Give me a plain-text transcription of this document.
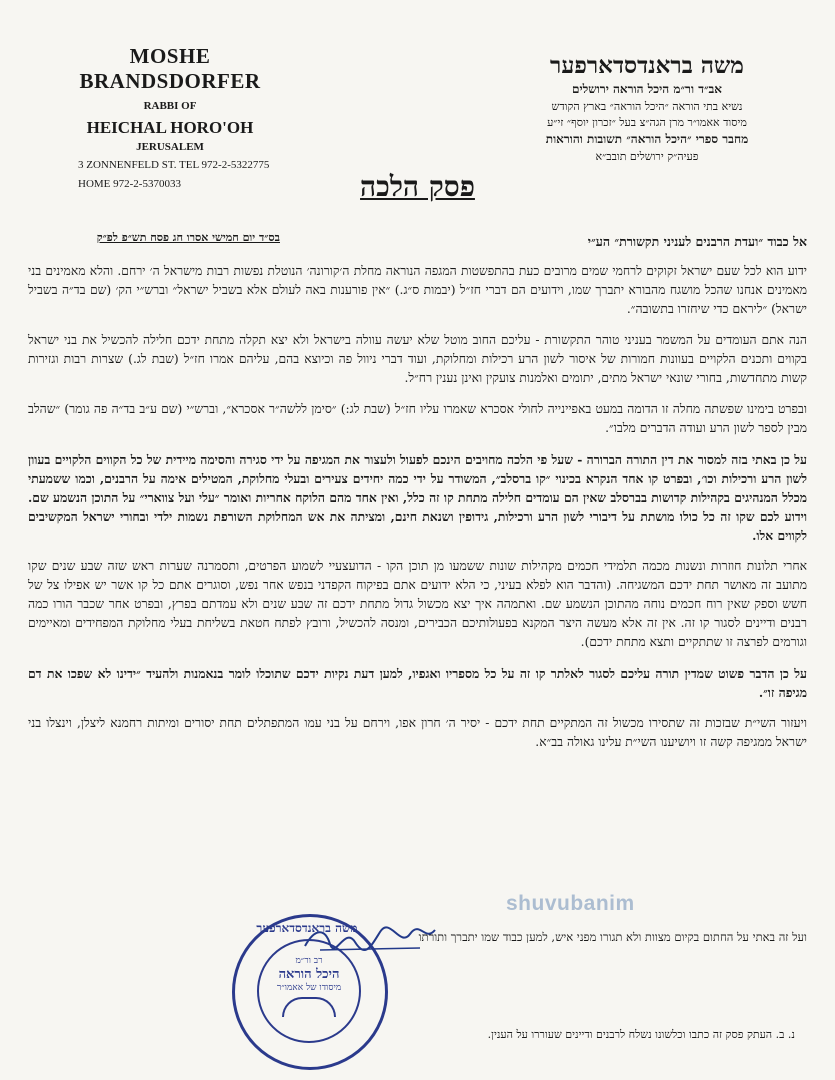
MOSHE BRANDSDORFER
RABBI OF
HEICHAL HORO'OH
JERUSALEM
3 ZONNENFELD ST. TEL 972-2-5322775
HOME 972-2-5370033
משה בראנדסדארפער
אב״ד ור״מ היכל הוראה ירושלים
נשיא בתי הוראה ״היכל הוראה״ בארץ הקודש
מיסוד אאמו״ר מרן הגה״צ בעל ״זכרון יוסף״ זי״ע
מחבר ספרי ״היכל הוראה״ תשובות והוראות
פעיה״ק ירושלים תובב״א
פסק הלכה
בס״ד יום חמישי אסרו חג פסח תש״פ לפ״ק	אל כבוד ״ועדת הרבנים לעניני תקשורת״ הע״י

ידוע הוא לכל שעם ישראל זקוקים לרחמי שמים מרובים כעת בהתפשטות המגפה הנוראה מחלת ה׳קורונה׳ הנוטלת נפשות רבות מישראל ה׳ ירחם. והלא מאמינים בני מאמינים אנחנו שהכל מושגח מהבורא יתברך שמו, וידועים הם דברי חז״ל (יבמות ס״ג.) ״אין פורענות באה לעולם אלא בשביל ישראל״ וברש״י הק׳ (שם בד״ה בשביל ישראל) ״ליראם כדי שיחזרו בתשובה״.

הנה אתם העומדים על המשמר בעניני טוהר התקשורת - עליכם החוב מוטל שלא יעשה עוולה בישראל ולא יצא תקלה מתחת ידכם חלילה להכשיל את בני ישראל בקווים ותכנים הלקויים בעוונות חמורות של איסור לשון הרע רכילות ומחלוקת, ועוד דברי ניוול פה וכיוצא בהם, עליהם אמרו חז״ל (שבת לג.) שצרות רבות וגזירות קשות מתחדשות, בחורי שונאי ישראל מתים, יתומים ואלמנות צועקין ואינן נענין רח״ל.

ובפרט בימינו שפשתה מחלה זו הדומה במעט באפיינייה לחולי אסכרא שאמרו עליו חז״ל (שבת לג:) ״סימן ללשה״ר אסכרא״, וברש״י (שם ע״ב בד״ה פה גומר) ״שהלב מבין לספר לשון הרע ועודה הדברים מלבו״.

על כן באתי בזה למסור את דין התורה הברורה - שעל פי הלכה מחויבים הינכם לפעול ולעצור את המגיפה על ידי סגירה והסימה מיידית של כל הקווים הלקויים בעוון לשון הרע ורכילות וכו׳, ובפרט קו אחד הנקרא בכינוי ״קו ברסלב״, המשודר על ידי כמה יחידים צעירים ובעלי מחלוקת, המטילים אימה על הרבנים, וכמו ששמעתי מכלל המנהיגים בקהילות קדושות בברסלב שאין הם עומדים חלילה מתחת קו זה כלל, ואין אחד מהם הלוקח אחריות ואומר ״עלי ועל צווארי״ על התוכן הנשמע שם. וידוע לכם שקו זה כל כולו מושתת על דיבורי לשון הרע ורכילות, גידופין ושנאת חינם, ומציתה את אש המחלוקת השורפת נשמות ילדי ובחורי ישראל המקשיבים לקווים אלו.

אחרי תלונות חוזרות ונשנות מכמה תלמידי חכמים מקהילות שונות ששמעו מן תוכן הקו - הדועצעיי לשמוע הפרטים, ותסמרנה שערות ראש שזה שבע שנים שקו מתועב זה מאושר תחת ידכם המשגיחה. (והדבר הוא לפלא בעיני, כי הלא ידועים אתם בפיקוח הקפדני בנפש אחר נפש, וסוגרים אתם כל קו אשר יש אפילו צל של חשש וספק שאין רוח חכמים נוחה מהתוכן הנשמע שם. ואתמהה איך יצא מכשול גדול מתחת ידכם זה שבע שנים ולא עמדתם בפרץ, ובפרט אחר שכבר הורו כמה רבנים ודיינים לסגור קו זה. אין זה אלא מעשה היצר המקנא בפעולותיכם הכבירים, ומנסה להכשיל, ורובץ לפתח חטאת בשליחת בעלי מחלוקת המפחידים ומאיימים וגורמים לפרצה זו שתתקיים ותצא מתחת ידכם).

על כן הדבר פשוט שמדין תורה עליכם לסגור לאלתר קו זה על כל מספריו ואגפיו, למען דעת נקיות ידכם שתוכלו לומר בנאמנות ולהעיד ״ידינו לא שפכו את דם מגיפה זו״.

ויעזור השי״ת שבזכות זה שתסירו מכשול זה המתקיים תחת ידכם - יסיר ה׳ חרון אפו, וירחם על בני עמו המתפתלים תחת יסורים ומיתות רחמנא ליצלן, וינצלו בני ישראל ממגיפה קשה זו ויושיענו השי״ת עלינו גאולה בב״א.

shuvubanim
ועל זה באתי על החתום בקיום מצוות ולא תגורו מפני איש, למען כבוד שמו יתברך ותורתו
משה בראנדסדארפער
רב ור״מ
היכל הוראה
מיסודו של אאמו״ר
נ. ב. העתק פסק זה כתבו וכלשונו נשלח לרבנים ודיינים שעוררו על הענין.
